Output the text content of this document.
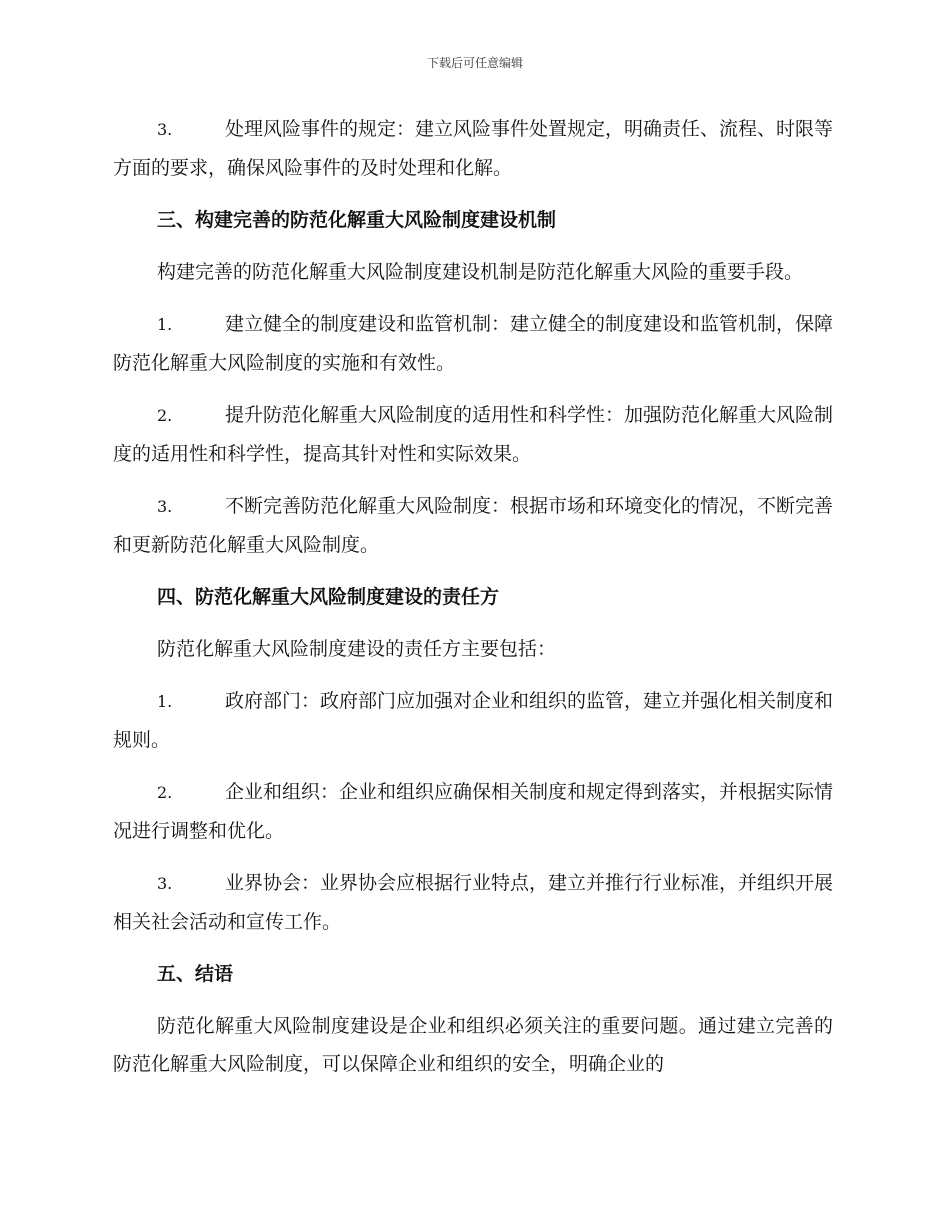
下载后可任意编辑
3.	处理风险事件的规定：建立风险事件处置规定，明确责任、流程、时限等方面的要求，确保风险事件的及时处理和化解。
三、构建完善的防范化解重大风险制度建设机制
构建完善的防范化解重大风险制度建设机制是防范化解重大风险的重要手段。
1.	建立健全的制度建设和监管机制：建立健全的制度建设和监管机制，保障防范化解重大风险制度的实施和有效性。
2.	提升防范化解重大风险制度的适用性和科学性：加强防范化解重大风险制度的适用性和科学性，提高其针对性和实际效果。
3.	不断完善防范化解重大风险制度：根据市场和环境变化的情况，不断完善和更新防范化解重大风险制度。
四、防范化解重大风险制度建设的责任方
防范化解重大风险制度建设的责任方主要包括：
1.	政府部门：政府部门应加强对企业和组织的监管，建立并强化相关制度和规则。
2.	企业和组织：企业和组织应确保相关制度和规定得到落实，并根据实际情况进行调整和优化。
3.	业界协会：业界协会应根据行业特点，建立并推行行业标准，并组织开展相关社会活动和宣传工作。
五、结语
防范化解重大风险制度建设是企业和组织必须关注的重要问题。通过建立完善的防范化解重大风险制度，可以保障企业和组织的安全，明确企业的
